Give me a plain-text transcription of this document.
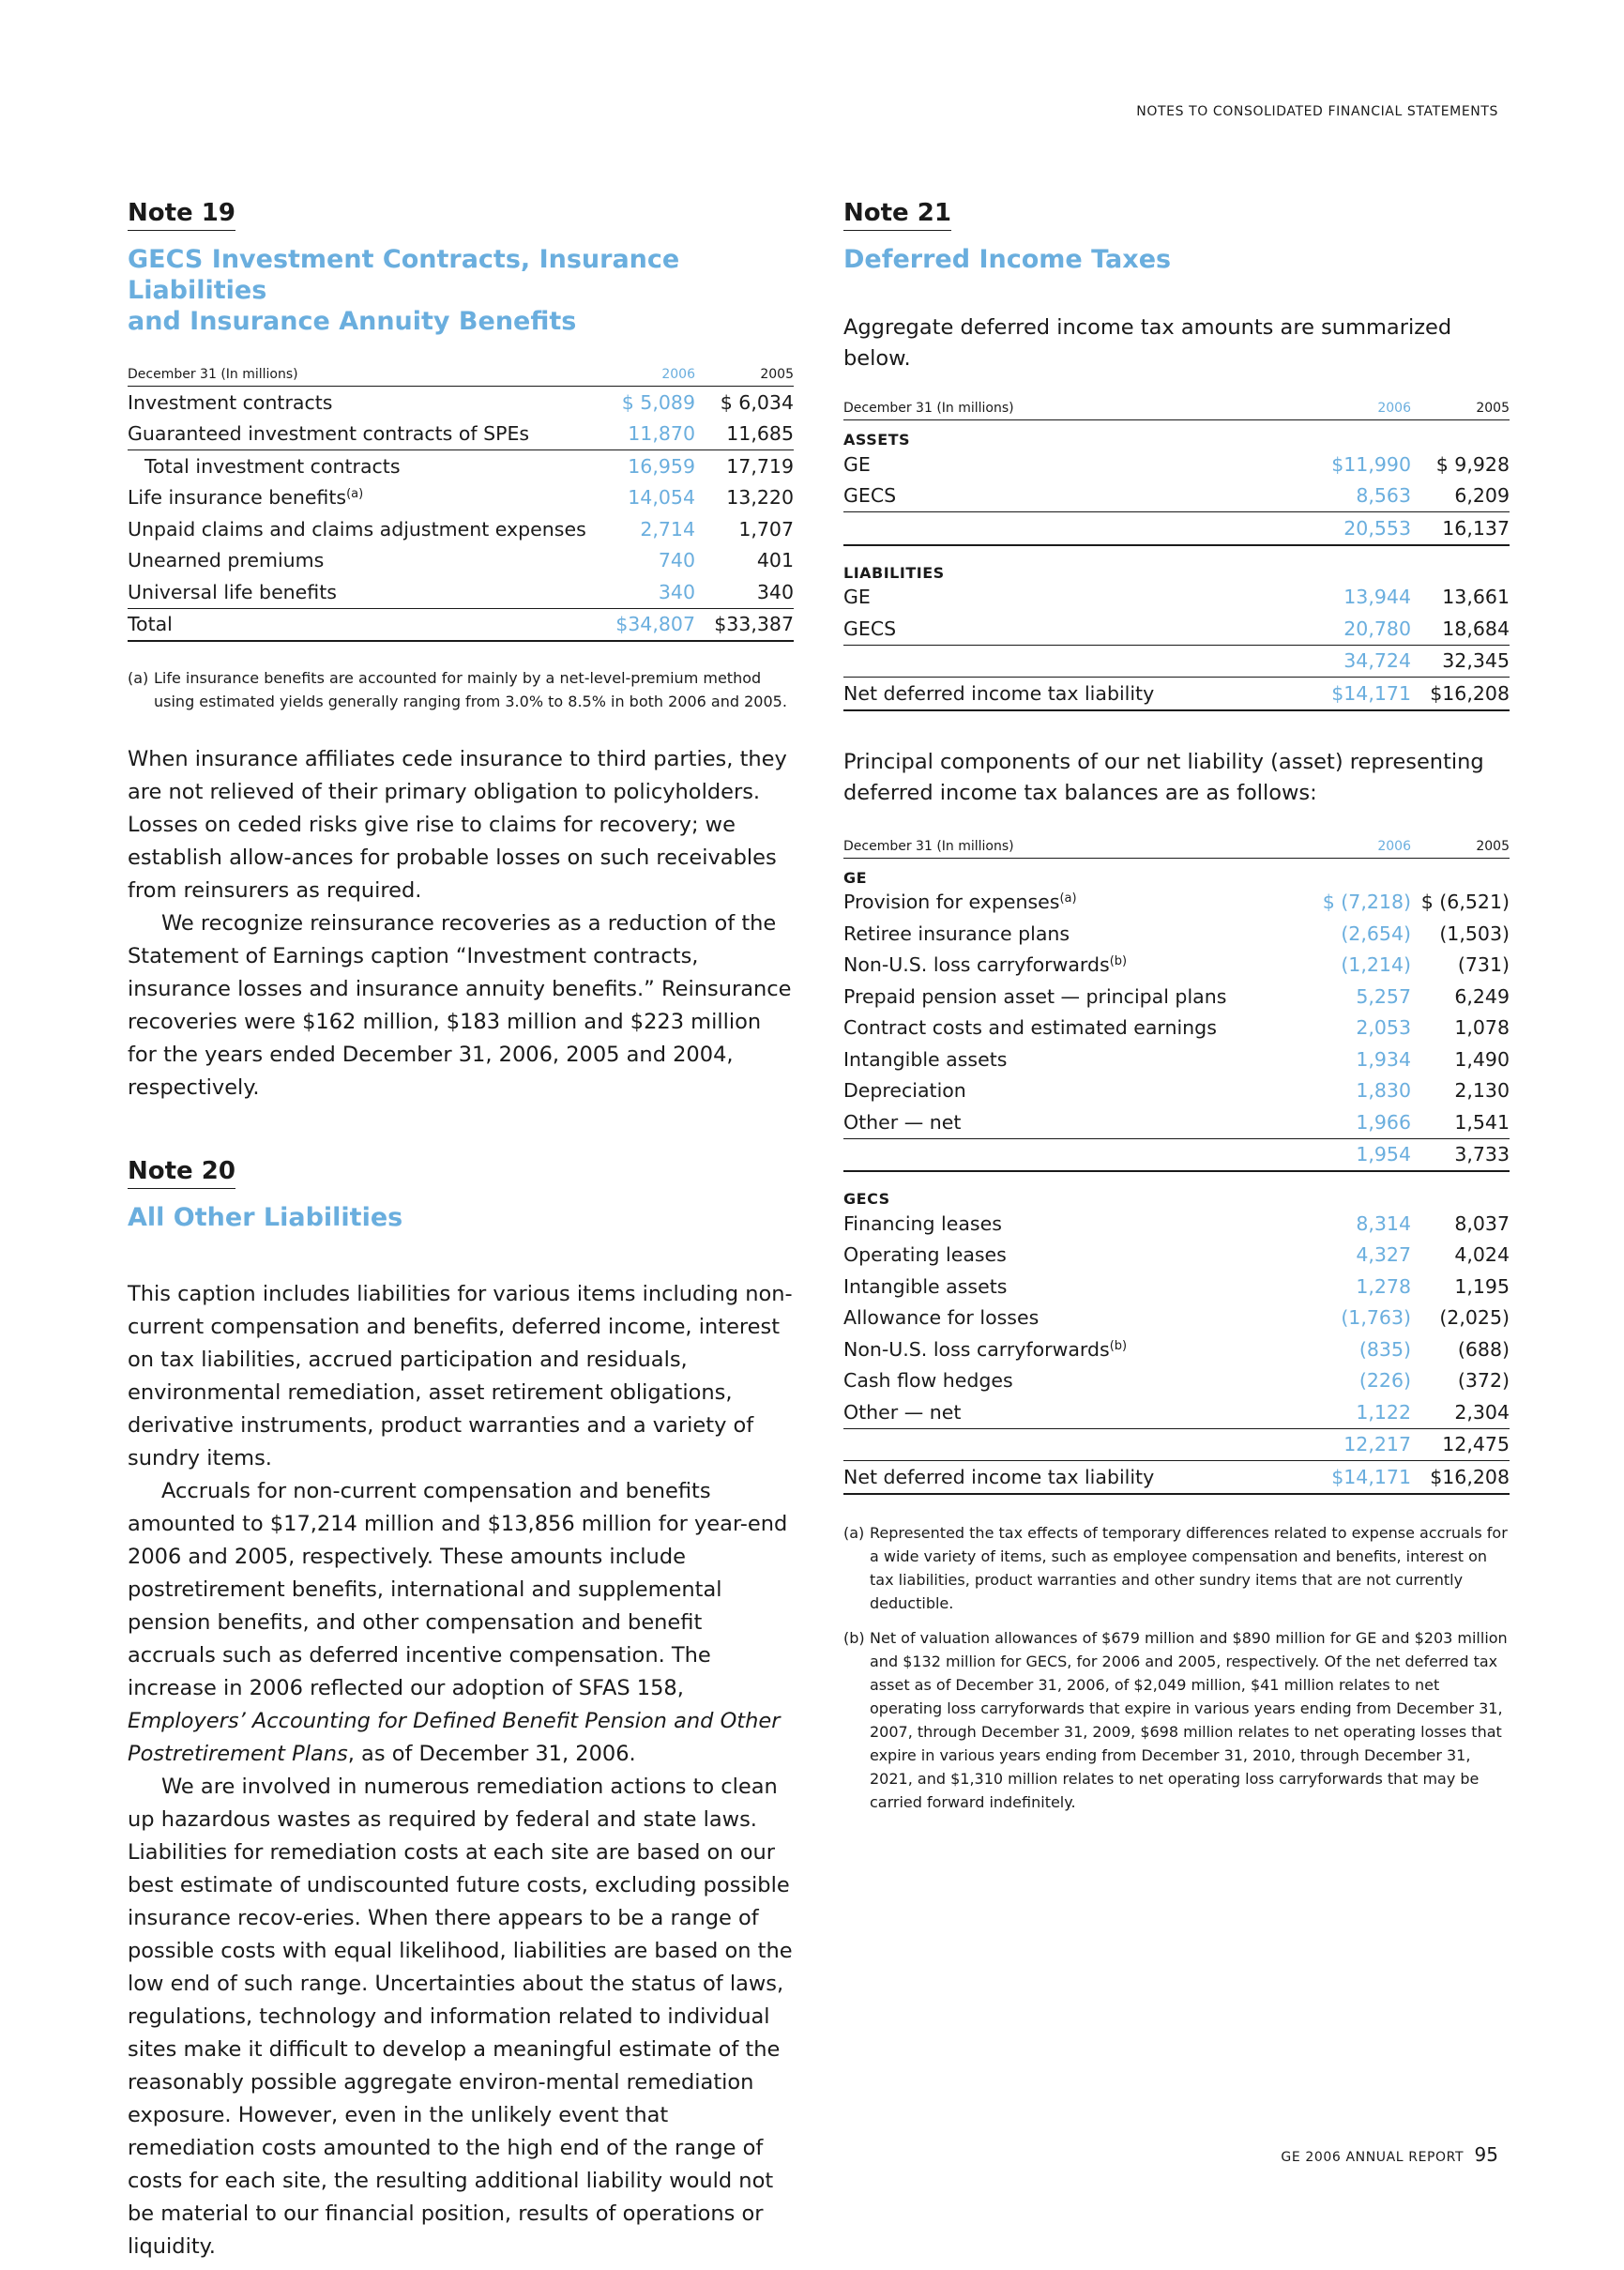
NOTES TO CONSOLIDATED FINANCIAL STATEMENTS
Note 19
GECS Investment Contracts, Insurance Liabilities
and Insurance Annuity Benefits
December 31 (In millions)	2006	2005
Investment contracts	$ 5,089	$ 6,034
Guaranteed investment contracts of SPEs	11,870	11,685
Total investment contracts	16,959	17,719
Life insurance benefits$^{(a)}$	14,054	13,220
Unpaid claims and claims adjustment expenses	2,714	1,707
Unearned premiums	740	401
Universal life benefits	340	340
Total	$34,807	$33,387
(a) Life insurance benefits are accounted for mainly by a net-level-premium method using estimated yields generally ranging from 3.0% to 8.5% in both 2006 and 2005.

When insurance affiliates cede insurance to third parties, they are not relieved of their primary obligation to policyholders. Losses on ceded risks give rise to claims for recovery; we establish allow-ances for probable losses on such receivables from reinsurers as required.

We recognize reinsurance recoveries as a reduction of the Statement of Earnings caption “Investment contracts, insurance losses and insurance annuity benefits.” Reinsurance recoveries were $162 million, $183 million and $223 million for the years ended December 31, 2006, 2005 and 2004, respectively.

Note 20
All Other Liabilities

This caption includes liabilities for various items including non-current compensation and benefits, deferred income, interest on tax liabilities, accrued participation and residuals, environmental remediation, asset retirement obligations, derivative instruments, product warranties and a variety of sundry items.

Accruals for non-current compensation and benefits amounted to $17,214 million and $13,856 million for year-end 2006 and 2005, respectively. These amounts include postretirement benefits, international and supplemental pension benefits, and other compensation and benefit accruals such as deferred incentive compensation. The increase in 2006 reflected our adoption of SFAS 158, Employers’ Accounting for Defined Benefit Pension and Other Postretirement Plans, as of December 31, 2006.

We are involved in numerous remediation actions to clean up hazardous wastes as required by federal and state laws. Liabilities for remediation costs at each site are based on our best estimate of undiscounted future costs, excluding possible insurance recov-eries. When there appears to be a range of possible costs with equal likelihood, liabilities are based on the low end of such range. Uncertainties about the status of laws, regulations, technology and information related to individual sites make it difficult to develop a meaningful estimate of the reasonably possible aggregate environ-mental remediation exposure. However, even in the unlikely event that remediation costs amounted to the high end of the range of costs for each site, the resulting additional liability would not be material to our financial position, results of operations or liquidity.

Note 21
Deferred Income Taxes

Aggregate deferred income tax amounts are summarized below.

December 31 (In millions)	2006	2005
ASSETS		
GE	$11,990	$ 9,928
GECS	8,563	6,209
	20,553	16,137
LIABILITIES		
GE	13,944	13,661
GECS	20,780	18,684
	34,724	32,345
Net deferred income tax liability	$14,171	$16,208

Principal components of our net liability (asset) representing deferred income tax balances are as follows:

December 31 (In millions)	2006	2005
GE		
Provision for expenses$^{(a)}$	$ (7,218)	$ (6,521)
Retiree insurance plans	(2,654)	(1,503)
Non-U.S. loss carryforwards$^{(b)}$	(1,214)	(731)
Prepaid pension asset — principal plans	5,257	6,249
Contract costs and estimated earnings	2,053	1,078
Intangible assets	1,934	1,490
Depreciation	1,830	2,130
Other — net	1,966	1,541
	1,954	3,733
GECS		
Financing leases	8,314	8,037
Operating leases	4,327	4,024
Intangible assets	1,278	1,195
Allowance for losses	(1,763)	(2,025)
Non-U.S. loss carryforwards$^{(b)}$	(835)	(688)
Cash flow hedges	(226)	(372)
Other — net	1,122	2,304
	12,217	12,475
Net deferred income tax liability	$14,171	$16,208
(a) Represented the tax effects of temporary differences related to expense accruals for a wide variety of items, such as employee compensation and benefits, interest on tax liabilities, product warranties and other sundry items that are not currently deductible.
(b) Net of valuation allowances of $679 million and $890 million for GE and $203 million and $132 million for GECS, for 2006 and 2005, respectively. Of the net deferred tax asset as of December 31, 2006, of $2,049 million, $41 million relates to net operating loss carryforwards that expire in various years ending from December 31, 2007, through December 31, 2009, $698 million relates to net operating losses that expire in various years ending from December 31, 2010, through December 31, 2021, and $1,310 million relates to net operating loss carryforwards that may be carried forward indefinitely.
GE 2006 ANNUAL REPORT 95
